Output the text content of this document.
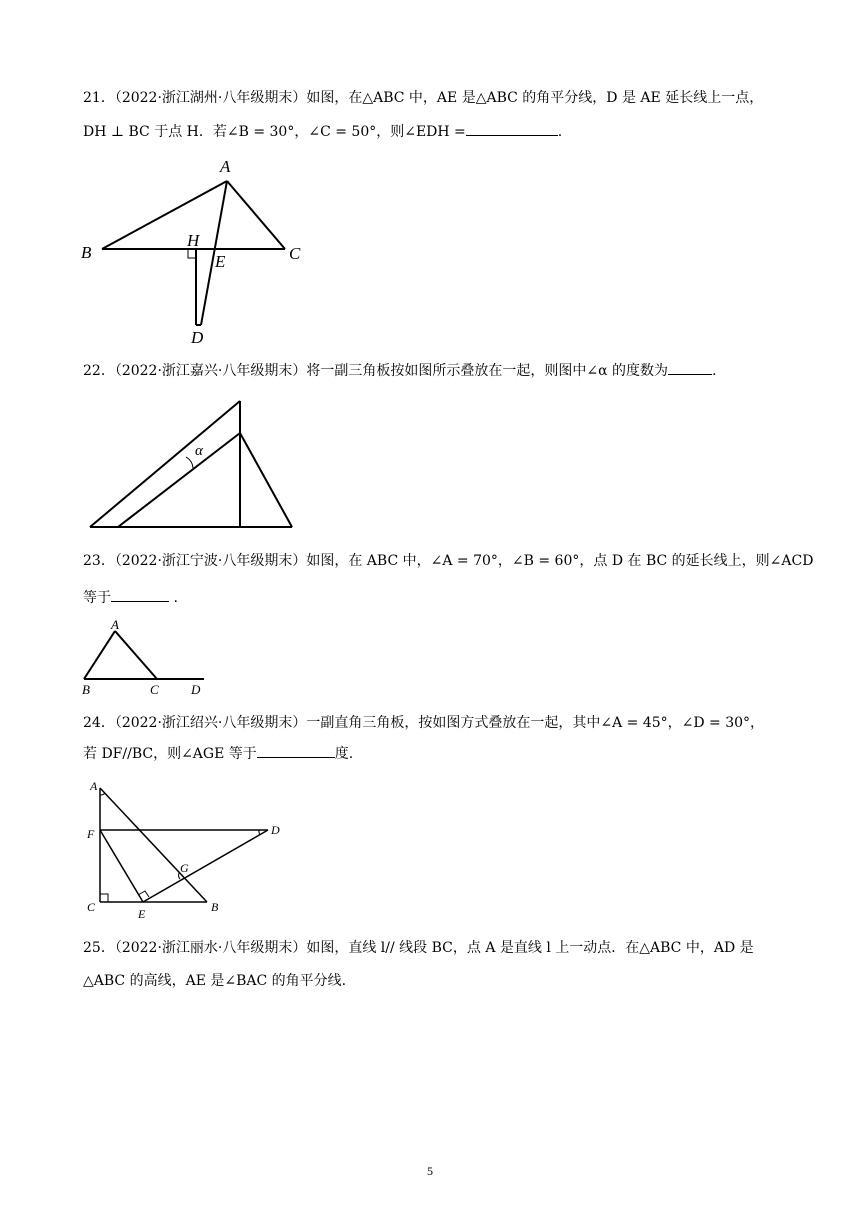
21．（2022·浙江湖州·八年级期末）如图，在△ABC 中，AE 是△ABC 的角平分线，D 是 AE 延长线上一点，
DH ⊥ BC 于点 H．若∠B = 30°，∠C = 50°，则∠EDH =	.
A
B	C
H
E
D
22．（2022·浙江嘉兴·八年级期末）将一副三角板按如图所示叠放在一起，则图中∠α 的度数为	.
α
23．（2022·浙江宁波·八年级期末）如图，在 ABC 中，∠A = 70°，∠B = 60°，点 D 在 BC 的延长线上，则∠ACD
等于	.
A
B	C D
24．（2022·浙江绍兴·八年级期末）一副直角三角板，按如图方式叠放在一起，其中∠A = 45°，∠D = 30°，
若 DF//BC，则∠AGE 等于	度.
A
F	D
G
C	E	B
25．（2022·浙江丽水·八年级期末）如图，直线 l// 线段 BC，点 A 是直线 l 上一动点．在△ABC 中，AD 是
△ABC 的高线，AE 是∠BAC 的角平分线.
5
